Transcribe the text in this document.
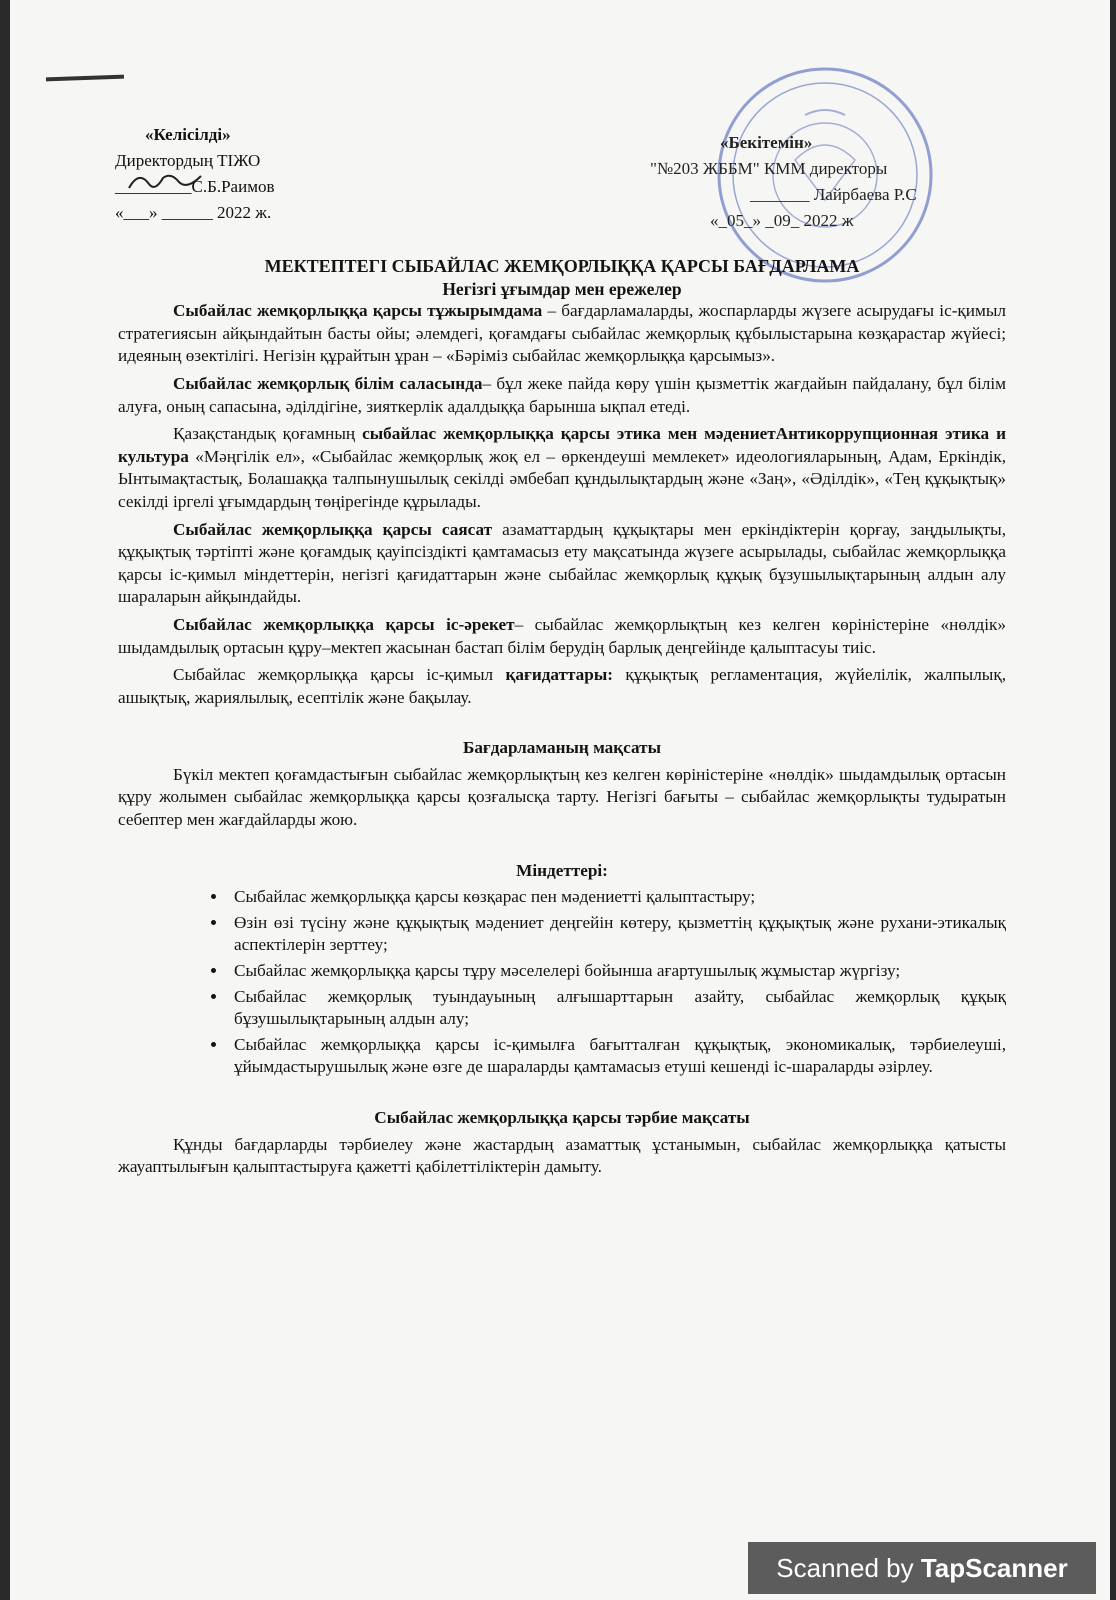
«Келісілді»
Директордың ТІЖО
_________С.Б.Раимов
«___» ______ 2022 ж.
«Бекітемін»
"№203 ЖББМ" КММ директоры
_______ Лайрбаева Р.С
«_05_» _09_ 2022 ж
МЕКТЕПТЕГІ СЫБАЙЛАС ЖЕМҚОРЛЫҚҚА ҚАРСЫ БАҒДАРЛАМА
Негізгі ұғымдар мен ережелер

Сыбайлас жемқорлыққа қарсы тұжырымдама – бағдарламаларды, жоспарларды жүзеге асырудағы іс-қимыл стратегиясын айқындайтын басты ойы; әлемдегі, қоғамдағы сыбайлас жемқорлық құбылыстарына көзқарастар жүйесі; идеяның өзектілігі. Негізін құрайтын ұран – «Бәріміз сыбайлас жемқорлыққа қарсымыз».

Сыбайлас жемқорлық білім саласында– бұл жеке пайда көру үшін қызметтік жағдайын пайдалану, бұл білім алуға, оның сапасына, әділдігіне, зияткерлік адалдыққа барынша ықпал етеді.

Қазақстандық қоғамның сыбайлас жемқорлыққа қарсы этика мен мәдениетАнтикоррупционная этика и культура «Мәңгілік ел», «Сыбайлас жемқорлық жоқ ел – өркендеуші мемлекет» идеологияларының, Адам, Еркіндік, Ынтымақтастық, Болашаққа талпынушылық секілді әмбебап құндылықтардың және «Заң», «Әділдік», «Тең құқықтық» секілді іргелі ұғымдардың төңірегінде құрылады.

Сыбайлас жемқорлыққа қарсы саясат азаматтардың құқықтары мен еркіндіктерін қорғау, заңдылықты, құқықтық тәртіпті және қоғамдық қауіпсіздікті қамтамасыз ету мақсатында жүзеге асырылады, сыбайлас жемқорлыққа қарсы іс-қимыл міндеттерін, негізгі қағидаттарын және сыбайлас жемқорлық құқық бұзушылықтарының алдын алу шараларын айқындайды.

Сыбайлас жемқорлыққа қарсы іс-әрекет– сыбайлас жемқорлықтың кез келген көріністеріне «нөлдік» шыдамдылық ортасын құру–мектеп жасынан бастап білім берудің барлық деңгейінде қалыптасуы тиіс.

Сыбайлас жемқорлыққа қарсы іс-қимыл қағидаттары: құқықтық регламентация, жүйелілік, жалпылық, ашықтық, жариялылық, есептілік және бақылау.

Бағдарламаның мақсаты

Бүкіл мектеп қоғамдастығын сыбайлас жемқорлықтың кез келген көріністеріне «нөлдік» шыдамдылық ортасын құру жолымен сыбайлас жемқорлыққа қарсы қозғалысқа тарту. Негізгі бағыты – сыбайлас жемқорлықты тудыратын себептер мен жағдайларды жою.

Міндеттері:
• Сыбайлас жемқорлыққа қарсы көзқарас пен мәдениетті қалыптастыру;
• Өзін өзі түсіну және құқықтық мәдениет деңгейін көтеру, қызметтің құқықтық және рухани-этикалық аспектілерін зерттеу;
• Сыбайлас жемқорлыққа қарсы тұру мәселелері бойынша ағартушылық жұмыстар жүргізу;
• Сыбайлас жемқорлық туындауының алғышарттарын азайту, сыбайлас жемқорлық құқық бұзушылықтарының алдын алу;
• Сыбайлас жемқорлыққа қарсы іс-қимылға бағытталған құқықтық, экономикалық, тәрбиелеуші, ұйымдастырушылық және өзге де шараларды қамтамасыз етуші кешенді іс-шараларды әзірлеу.
Сыбайлас жемқорлыққа қарсы тәрбие мақсаты

Құнды бағдарларды тәрбиелеу және жастардың азаматтық ұстанымын, сыбайлас жемқорлыққа қатысты жауаптылығын қалыптастыруға қажетті қабілеттіліктерін дамыту.

Scanned by TapScanner
